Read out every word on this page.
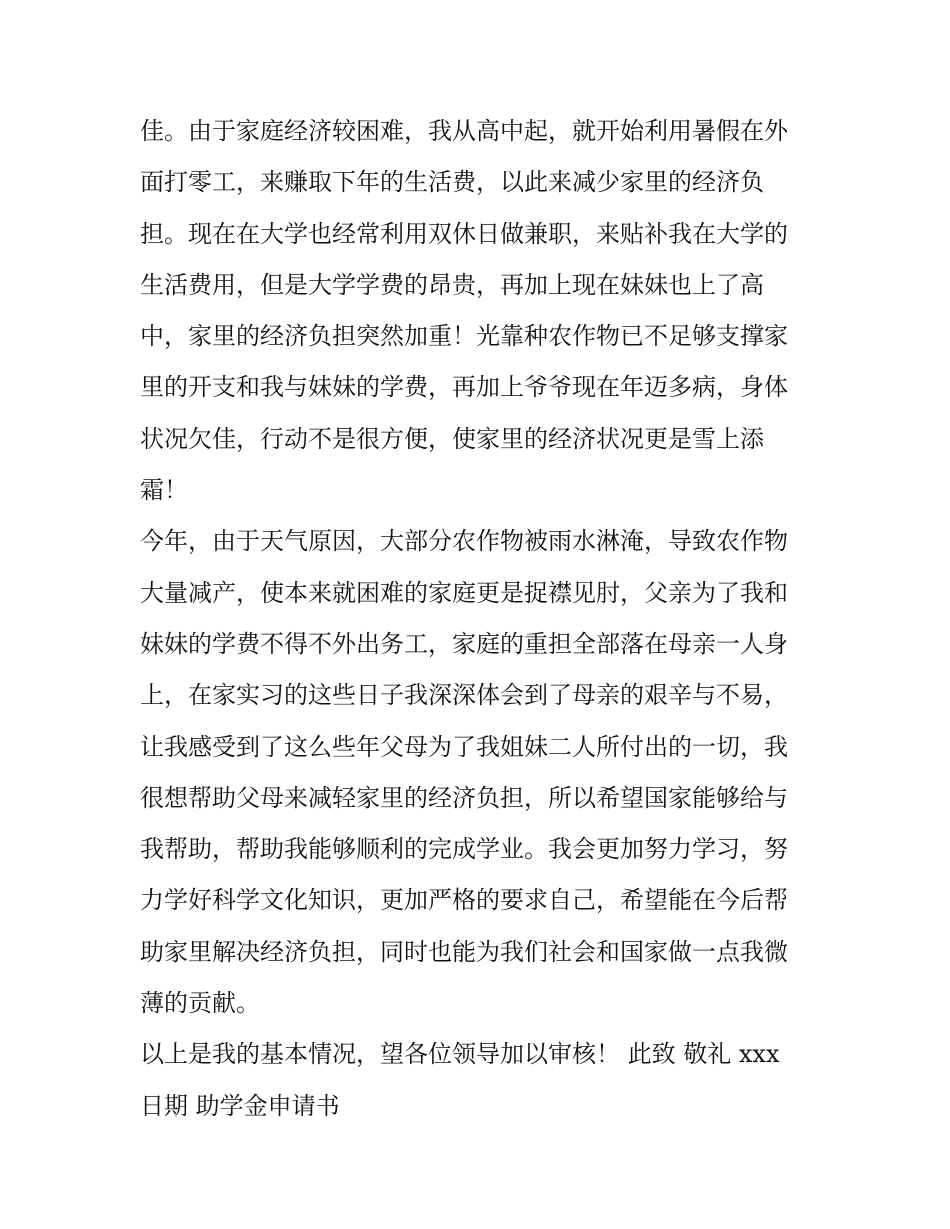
佳。由于家庭经济较困难，我从高中起，就开始利用暑假在外
面打零工，来赚取下年的生活费，以此来减少家里的经济负
担。现在在大学也经常利用双休日做兼职，来贴补我在大学的
生活费用，但是大学学费的昂贵，再加上现在妹妹也上了高
中，家里的经济负担突然加重！光靠种农作物已不足够支撑家
里的开支和我与妹妹的学费，再加上爷爷现在年迈多病，身体
状况欠佳，行动不是很方便，使家里的经济状况更是雪上添
霜！
今年，由于天气原因，大部分农作物被雨水淋淹，导致农作物
大量减产，使本来就困难的家庭更是捉襟见肘，父亲为了我和
妹妹的学费不得不外出务工，家庭的重担全部落在母亲一人身
上，在家实习的这些日子我深深体会到了母亲的艰辛与不易，
让我感受到了这么些年父母为了我姐妹二人所付出的一切，我
很想帮助父母来减轻家里的经济负担，所以希望国家能够给与
我帮助，帮助我能够顺利的完成学业。我会更加努力学习，努
力学好科学文化知识，更加严格的要求自己，希望能在今后帮
助家里解决经济负担，同时也能为我们社会和国家做一点我微
薄的贡献。
以上是我的基本情况，望各位领导加以审核！ 此致 敬礼 xxx
日期 助学金申请书
